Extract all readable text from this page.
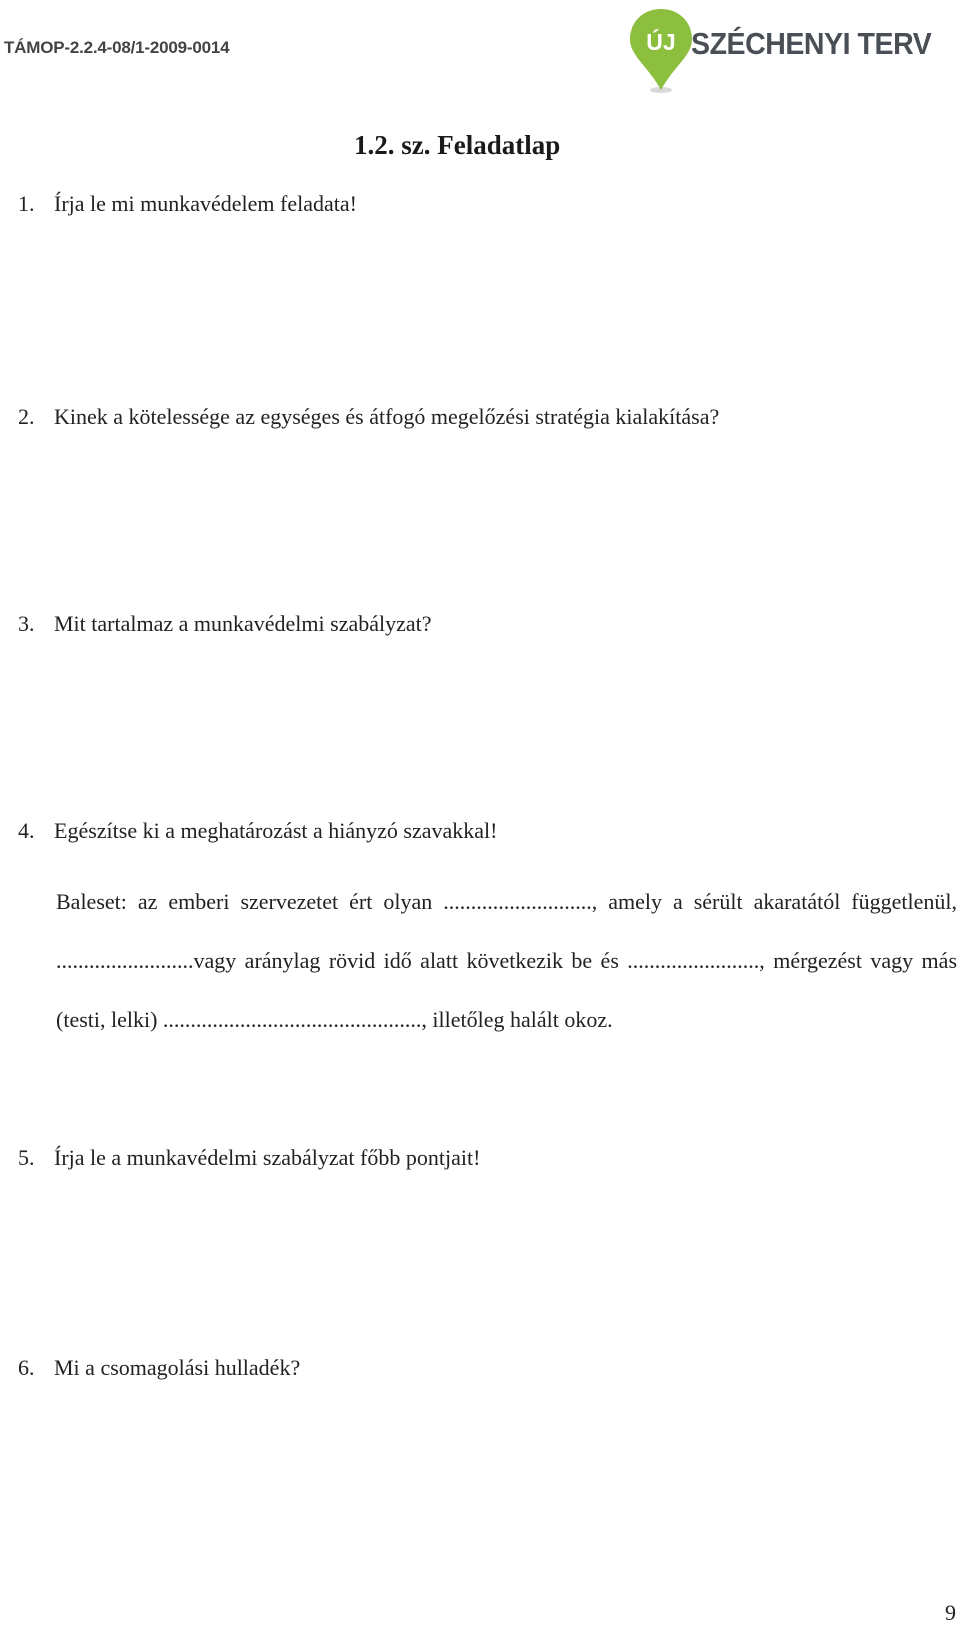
TÁMOP-2.2.4-08/1-2009-0014	ÚJ SZÉCHENYI TERV
1.2. sz. Feladatlap
1. Írja le mi munkavédelem feladata!
2. Kinek a kötelessége az egységes és átfogó megelőzési stratégia kialakítása?
3. Mit tartalmaz a munkavédelmi szabályzat?
4. Egészítse ki a meghatározást a hiányzó szavakkal!

Baleset: az emberi szervezetet ért olyan ..........................., amely a sérült akaratától függetlenül, .........................vagy aránylag rövid idő alatt következik be és ........................, mérgezést vagy más (testi, lelki) ..............................................., illetőleg halált okoz.

5. Írja le a munkavédelmi szabályzat főbb pontjait!
6. Mi a csomagolási hulladék?
9
